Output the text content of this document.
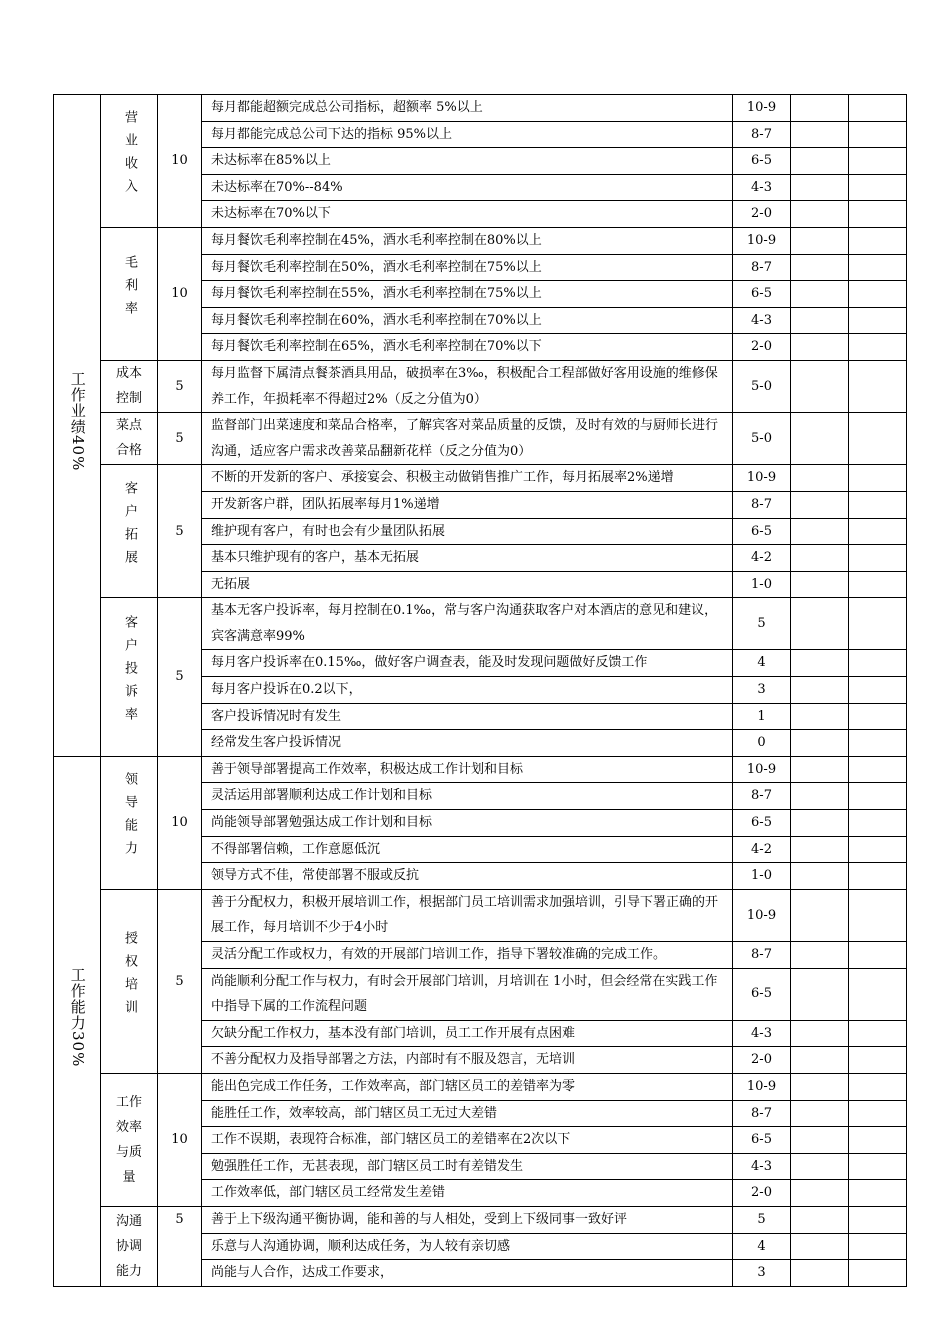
工作业绩40%	营业收入	10	每月都能超额完成总公司指标，超额率 5%以上	10-9		
			每月都能完成总公司下达的指标 95%以上	8-7		
			未达标率在85%以上	6-5		
			未达标率在70%--84%	4-3		
			未达标率在70%以下	2-0		
	毛利率	10	每月餐饮毛利率控制在45%，酒水毛利率控制在80%以上	10-9		
			每月餐饮毛利率控制在50%，酒水毛利率控制在75%以上	8-7		
			每月餐饮毛利率控制在55%，酒水毛利率控制在75%以上	6-5		
			每月餐饮毛利率控制在60%，酒水毛利率控制在70%以上	4-3		
			每月餐饮毛利率控制在65%，酒水毛利率控制在70%以下	2-0		
	成本控制	5	每月监督下属清点餐茶酒具用品，破损率在3‰，积极配合工程部做好客用设施的维修保养工作，年损耗率不得超过2%（反之分值为0）	5-0		
	菜点合格	5	监督部门出菜速度和菜品合格率，了解宾客对菜品质量的反馈，及时有效的与厨师长进行沟通，适应客户需求改善菜品翻新花样（反之分值为0）	5-0		
	客户拓展	5	不断的开发新的客户、承接宴会、积极主动做销售推广工作，每月拓展率2%递增	10-9		
			开发新客户群，团队拓展率每月1%递增	8-7		
			维护现有客户，有时也会有少量团队拓展	6-5		
			基本只维护现有的客户，基本无拓展	4-2		
			无拓展	1-0		
	客户投诉率	5	基本无客户投诉率，每月控制在0.1‰，常与客户沟通获取客户对本酒店的意见和建议，宾客满意率99%	5		
			每月客户投诉率在0.15‰，做好客户调查表，能及时发现问题做好反馈工作	4		
			每月客户投诉在0.2以下，	3		
			客户投诉情况时有发生	1		
			经常发生客户投诉情况	0		
工作能力30%	领导能力	10	善于领导部署提高工作效率，积极达成工作计划和目标	10-9		
			灵活运用部署顺利达成工作计划和目标	8-7		
			尚能领导部署勉强达成工作计划和目标	6-5		
			不得部署信赖，工作意愿低沉	4-2		
			领导方式不佳，常使部署不服或反抗	1-0		
	授权培训	5	善于分配权力，积极开展培训工作，根据部门员工培训需求加强培训，引导下署正确的开展工作，每月培训不少于4小时	10-9		
			灵活分配工作或权力，有效的开展部门培训工作，指导下署较准确的完成工作。	8-7		
			尚能顺利分配工作与权力，有时会开展部门培训，月培训在 1小时，但会经常在实践工作中指导下属的工作流程问题	6-5		
			欠缺分配工作权力，基本没有部门培训，员工工作开展有点困难	4-3		
			不善分配权力及指导部署之方法，内部时有不服及怨言，无培训	2-0		
	工作效率与质量	10	能出色完成工作任务，工作效率高，部门辖区员工的差错率为零	10-9		
			能胜任工作，效率较高，部门辖区员工无过大差错	8-7		
			工作不误期，表现符合标准，部门辖区员工的差错率在2次以下	6-5		
			勉强胜任工作，无甚表现，部门辖区员工时有差错发生	4-3		
			工作效率低，部门辖区员工经常发生差错	2-0		
	沟通协调能力	5	善于上下级沟通平衡协调，能和善的与人相处，受到上下级同事一致好评	5		
			乐意与人沟通协调，顺利达成任务，为人较有亲切感	4		
			尚能与人合作，达成工作要求，	3		
